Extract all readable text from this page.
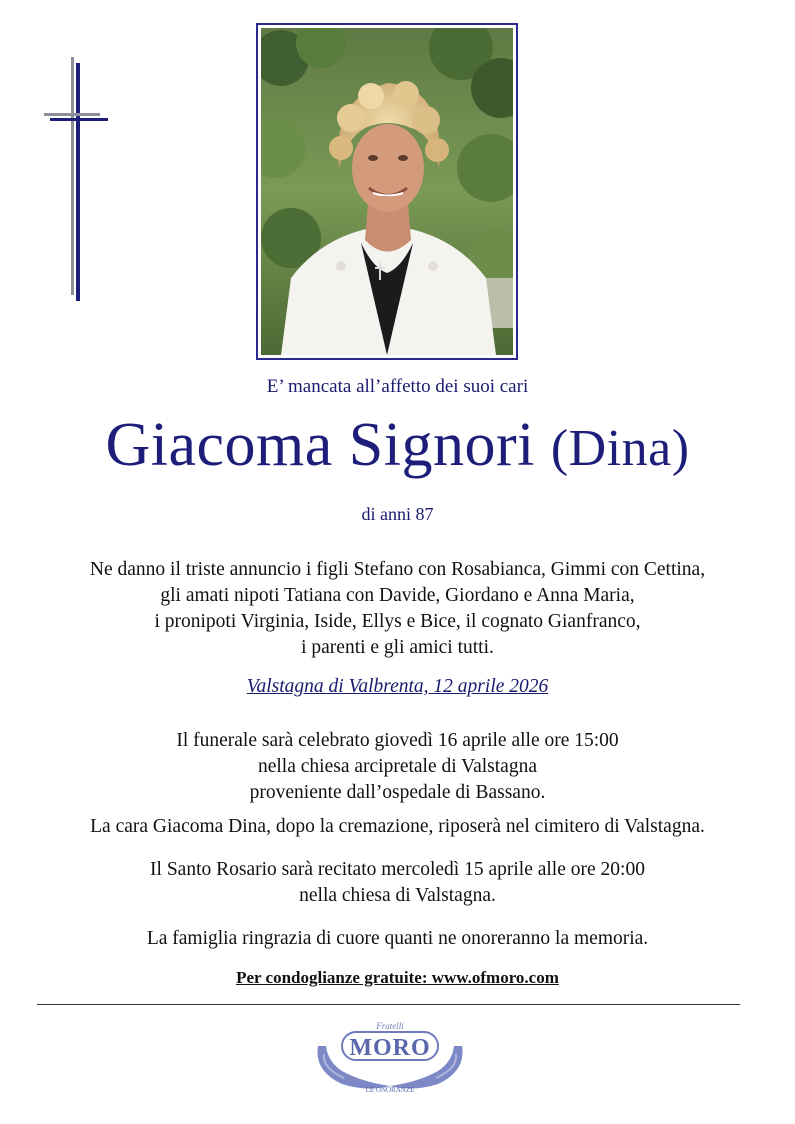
E’ mancata all’affetto dei suoi cari
Giacoma Signori (Dina)
di anni 87
Ne danno il triste annuncio i figli Stefano con Rosabianca, Gimmi con Cettina,
gli amati nipoti Tatiana con Davide, Giordano e Anna Maria,
i pronipoti Virginia, Iside, Ellys e Bice, il cognato Gianfranco,
i parenti e gli amici tutti.
Valstagna di Valbrenta, 12 aprile 2026
Il funerale sarà celebrato giovedì 16 aprile alle ore 15:00
nella chiesa arcipretale di Valstagna
proveniente dall’ospedale di Bassano.
La cara Giacoma Dina, dopo la cremazione, riposerà nel cimitero di Valstagna.
Il Santo Rosario sarà recitato mercoledì 15 aprile alle ore 20:00
nella chiesa di Valstagna.
La famiglia ringrazia di cuore quanti ne onoreranno la memoria.
Per condoglianze gratuite: www.ofmoro.com
Fratelli
MORO
LE ONORANZE
